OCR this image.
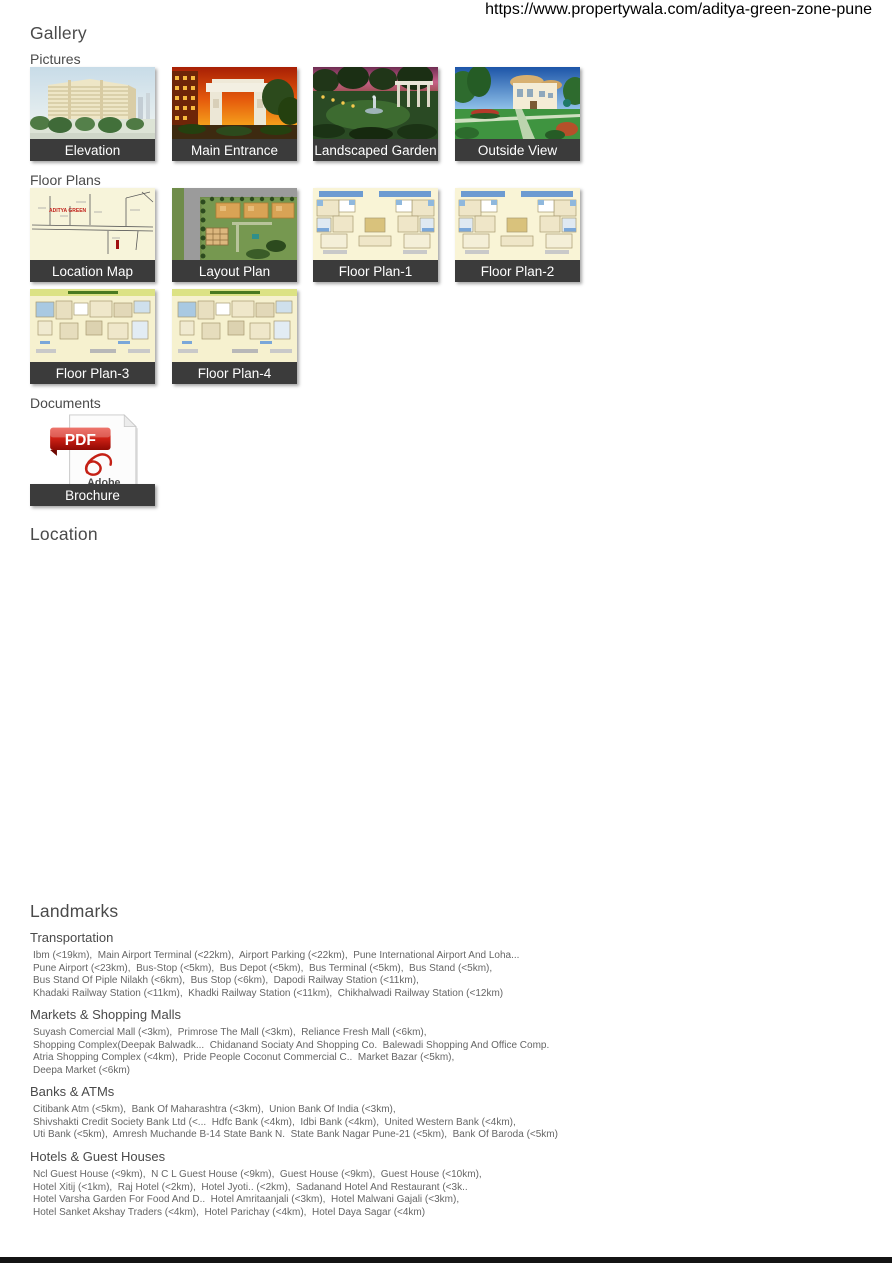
https://www.propertywala.com/aditya-green-zone-pune
Gallery
Pictures
Elevation	Main Entrance	Landscaped Garden	Outside View
Floor Plans
ADITYA GREEN
Location Map	Layout Plan	Floor Plan-1	Floor Plan-2
Floor Plan-3	Floor Plan-4
Documents
PDF
Brochure
Location
Landmarks
Transportation
Ibm (<19km),  Main Airport Terminal (<22km),  Airport Parking (<22km),  Pune International Airport And Loha...
Pune Airport (<23km),  Bus-Stop (<5km),  Bus Depot (<5km),  Bus Terminal (<5km),  Bus Stand (<5km),
Bus Stand Of Piple Nilakh (<6km),  Bus Stop (<6km),  Dapodi Railway Station (<11km),
Khadaki Railway Station (<11km),  Khadki Railway Station (<11km),  Chikhalwadi Railway Station (<12km)
Markets & Shopping Malls
Suyash Comercial Mall (<3km),  Primrose The Mall (<3km),  Reliance Fresh Mall (<6km),
Shopping Complex(Deepak Balwadk...  Chidanand Sociaty And Shopping Co.  Balewadi Shopping And Office Comp.
Atria Shopping Complex (<4km),  Pride People Coconut Commercial C..  Market Bazar (<5km),
Deepa Market (<6km)
Banks & ATMs
Citibank Atm (<5km),  Bank Of Maharashtra (<3km),  Union Bank Of India (<3km),
Shivshakti Credit Society Bank Ltd (<...  Hdfc Bank (<4km),  Idbi Bank (<4km),  United Western Bank (<4km),
Uti Bank (<5km),  Amresh Muchande B-14 State Bank N.  State Bank Nagar Pune-21 (<5km),  Bank Of Baroda (<5km)
Hotels & Guest Houses
Ncl Guest House (<9km),  N C L Guest House (<9km),  Guest House (<9km),  Guest House (<10km),
Hotel Xitij (<1km),  Raj Hotel (<2km),  Hotel Jyoti.. (<2km),  Sadanand Hotel And Restaurant (<3k..
Hotel Varsha Garden For Food And D..  Hotel Amritaanjali (<3km),  Hotel Malwani Gajali (<3km),
Hotel Sanket Akshay Traders (<4km),  Hotel Parichay (<4km),  Hotel Daya Sagar (<4km)
